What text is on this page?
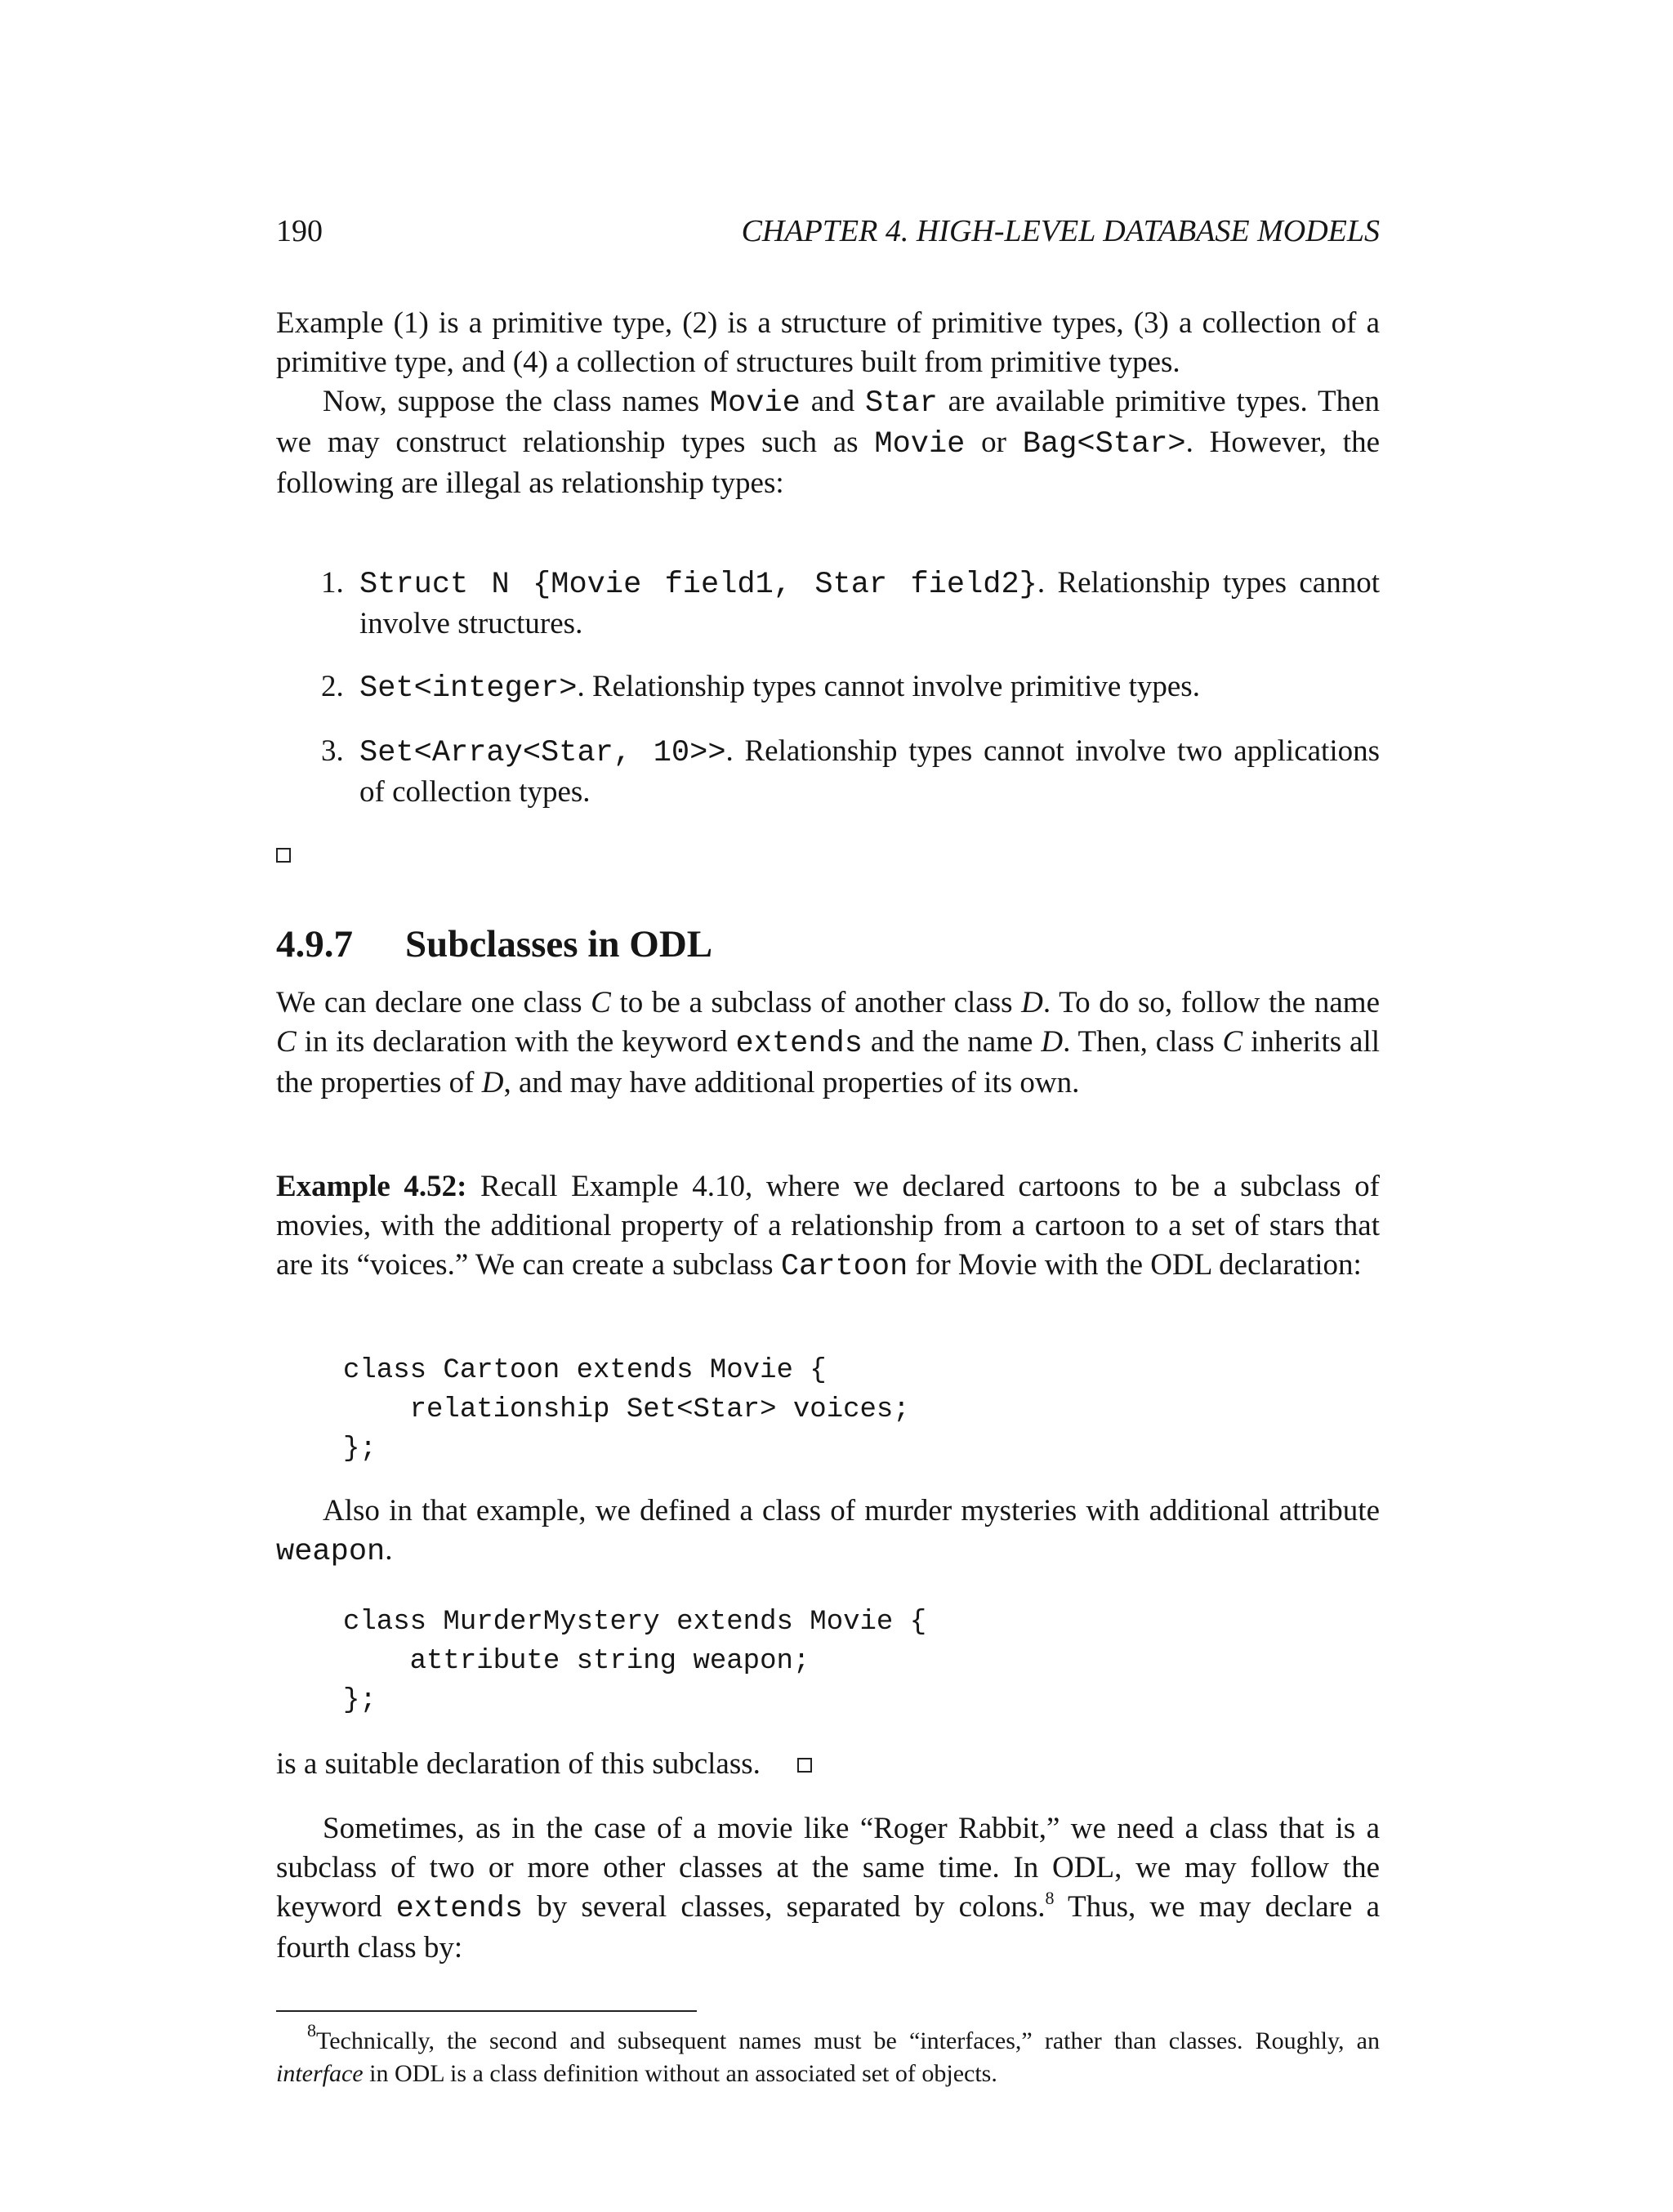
190	CHAPTER 4. HIGH-LEVEL DATABASE MODELS

Example (1) is a primitive type, (2) is a structure of primitive types, (3) a collection of a primitive type, and (4) a collection of structures built from primitive types.

Now, suppose the class names Movie and Star are available primitive types. Then we may construct relationship types such as Movie or Bag<Star>. However, the following are illegal as relationship types:

1. Struct N {Movie field1, Star field2}. Relationship types cannot involve structures.

2. Set<integer>. Relationship types cannot involve primitive types.

3. Set<Array<Star, 10>>. Relationship types cannot involve two applications of collection types.

4.9.7 Subclasses in ODL

We can declare one class C to be a subclass of another class D. To do so, follow the name C in its declaration with the keyword extends and the name D. Then, class C inherits all the properties of D, and may have additional properties of its own.

Example 4.52: Recall Example 4.10, where we declared cartoons to be a subclass of movies, with the additional property of a relationship from a cartoon to a set of stars that are its “voices.” We can create a subclass Cartoon for Movie with the ODL declaration:

class Cartoon extends Movie {
relationship Set<Star> voices;
};

Also in that example, we defined a class of murder mysteries with additional attribute weapon.

class MurderMystery extends Movie {
attribute string weapon;
};
is a suitable declaration of this subclass.

Sometimes, as in the case of a movie like “Roger Rabbit,” we need a class that is a subclass of two or more other classes at the same time. In ODL, we may follow the keyword extends by several classes, separated by colons.$^8$ Thus, we may declare a fourth class by:

$^8$Technically, the second and subsequent names must be “interfaces,” rather than classes. Roughly, an interface in ODL is a class definition without an associated set of objects.
